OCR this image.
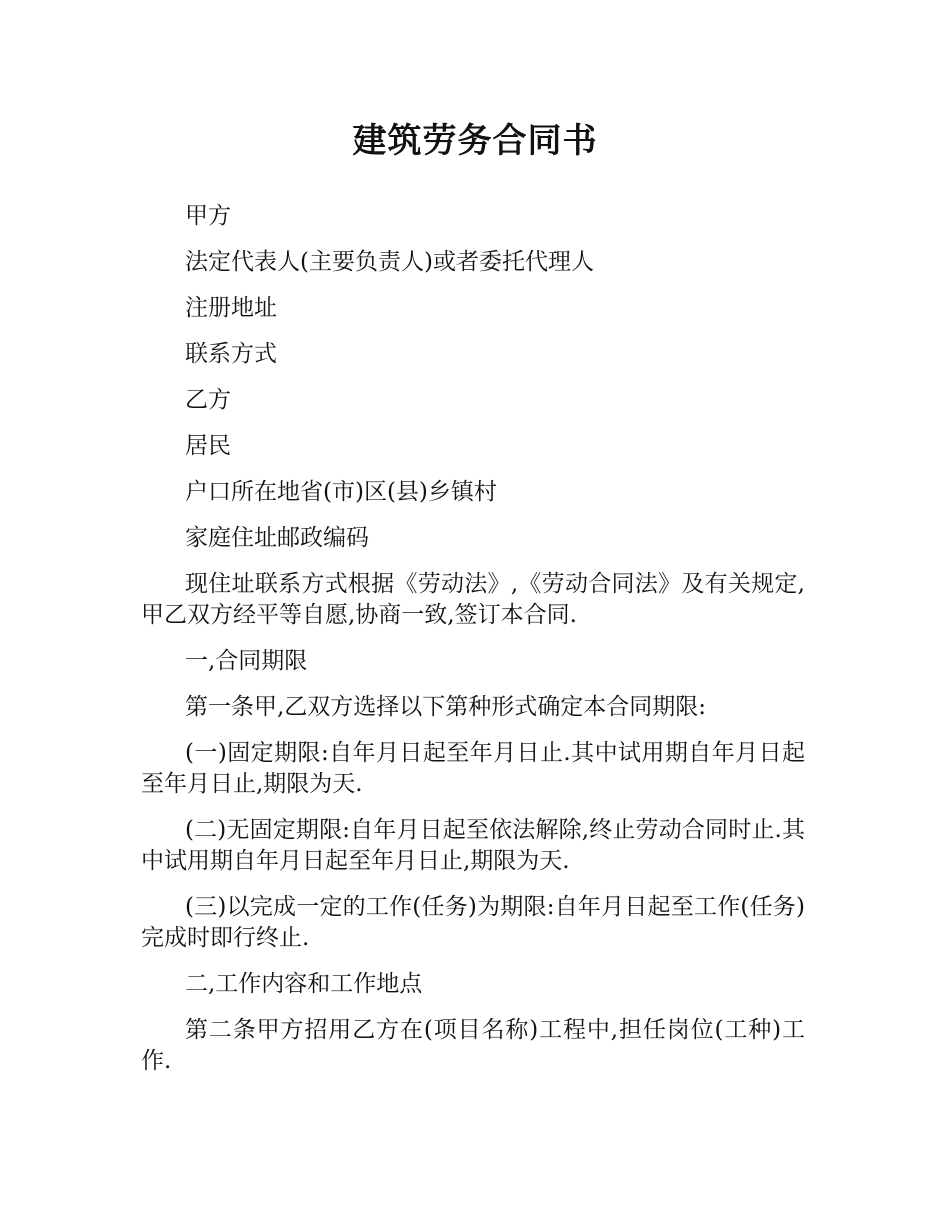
建筑劳务合同书

甲方

法定代表人(主要负责人)或者委托代理人

注册地址

联系方式

乙方

居民

户口所在地省(市)区(县)乡镇村

家庭住址邮政编码

现住址联系方式根据《劳动法》,《劳动合同法》及有关规定,甲乙双方经平等自愿,协商一致,签订本合同.

一,合同期限

第一条甲,乙双方选择以下第种形式确定本合同期限:

(一)固定期限:自年月日起至年月日止.其中试用期自年月日起至年月日止,期限为天.

(二)无固定期限:自年月日起至依法解除,终止劳动合同时止.其中试用期自年月日起至年月日止,期限为天.

(三)以完成一定的工作(任务)为期限:自年月日起至工作(任务)完成时即行终止.

二,工作内容和工作地点

第二条甲方招用乙方在(项目名称)工程中,担任岗位(工种)工作.
